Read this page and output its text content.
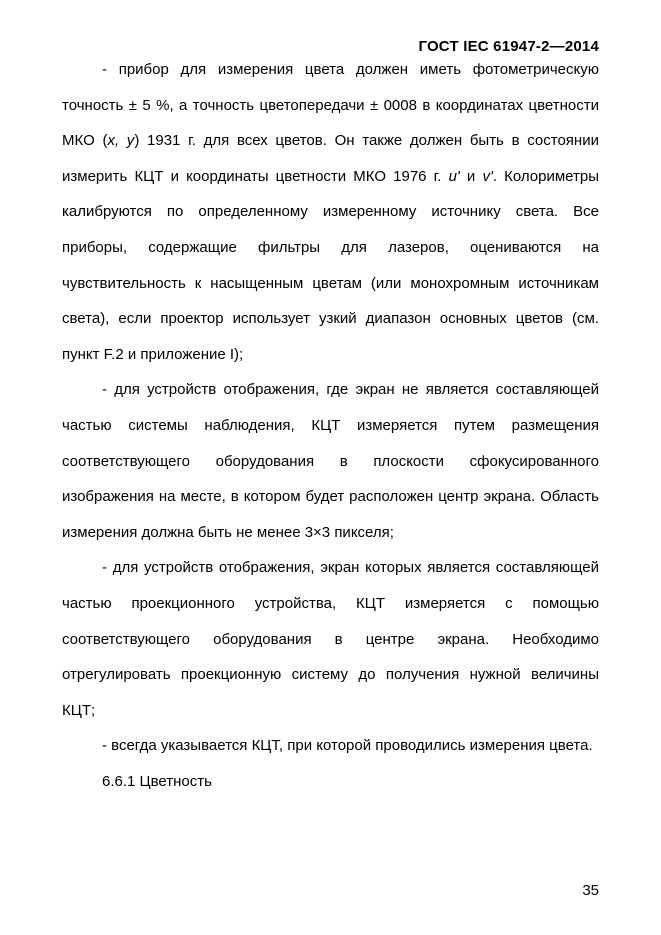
ГОСТ IEC 61947-2—2014

- прибор для измерения цвета должен иметь фотометрическую точность ± 5 %, а точность цветопередачи ± 0008 в координатах цветности МКО (x, y) 1931 г. для всех цветов. Он также должен быть в состоянии измерить КЦТ и координаты цветности МКО 1976 г. u' и v'. Колориметры калибруются по определенному измеренному источнику света. Все приборы, содержащие фильтры для лазеров, оцениваются на чувствительность к насыщенным цветам (или монохромным источникам света), если проектор использует узкий диапазон основных цветов (см. пункт F.2 и приложение I);

- для устройств отображения, где экран не является составляющей частью системы наблюдения, КЦТ измеряется путем размещения соответствующего оборудования в плоскости сфокусированного изображения на месте, в котором будет расположен центр экрана. Область измерения должна быть не менее 3×3 пикселя;

- для устройств отображения, экран которых является составляющей частью проекционного устройства, КЦТ измеряется с помощью соответствующего оборудования в центре экрана. Необходимо отрегулировать проекционную систему до получения нужной величины КЦТ;

- всегда указывается КЦТ, при которой проводились измерения цвета.

6.6.1 Цветность

35
